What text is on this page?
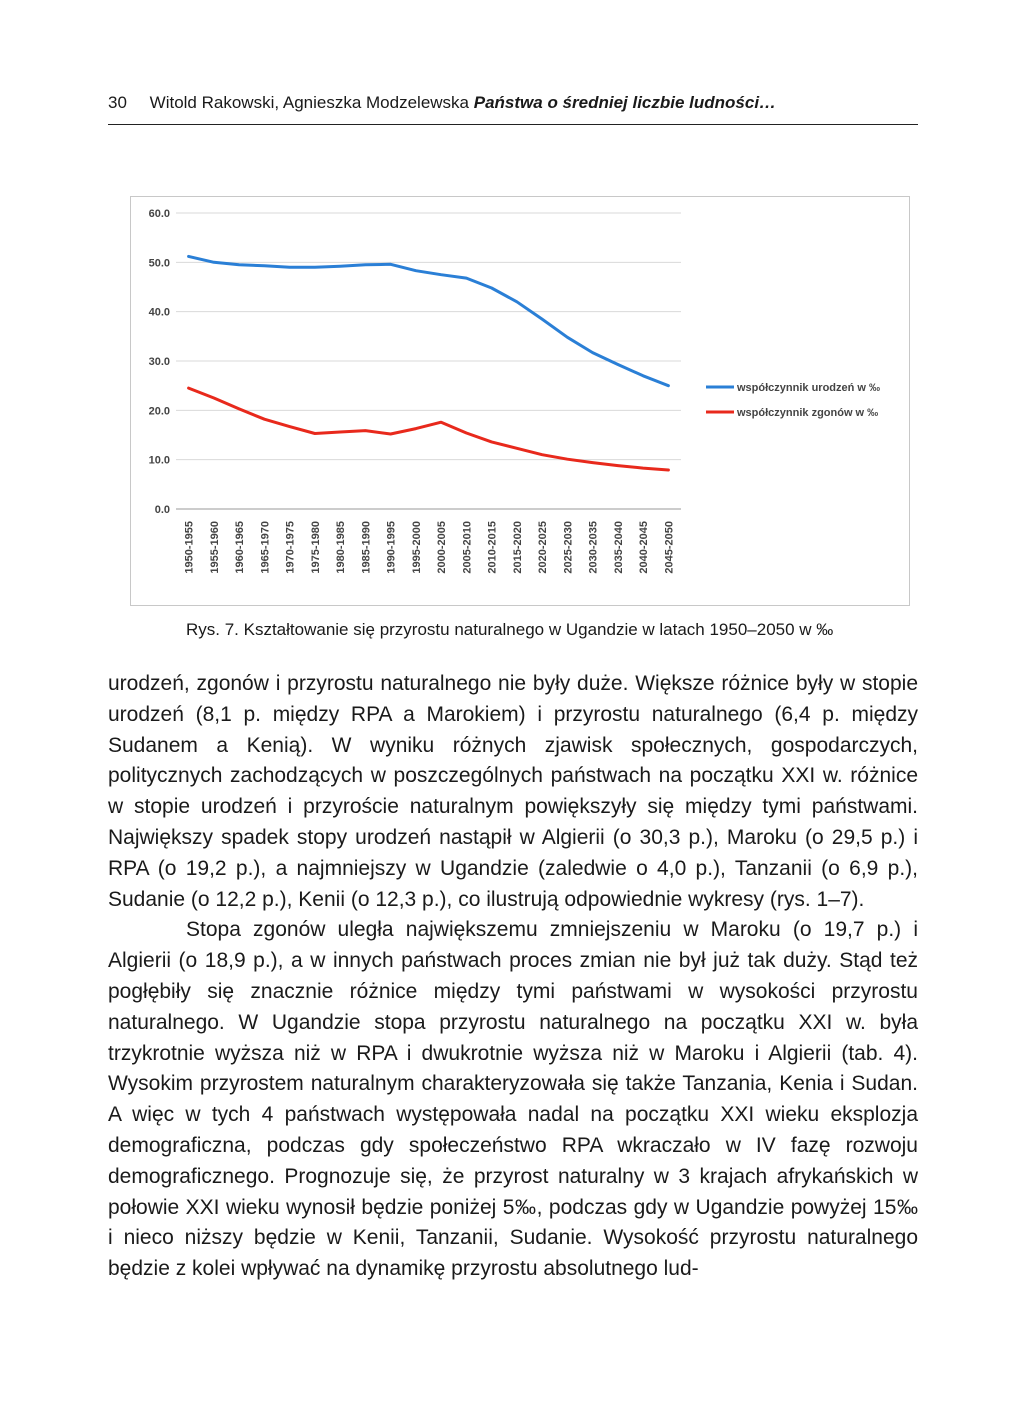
30 Witold Rakowski, Agnieszka Modzelewska Państwa o średniej liczbie ludności…
0.0
10.0
20.0
30.0
40.0
50.0
60.0
1950-1955 1955-1960 1960-1965 1965-1970 1970-1975 1975-1980 1980-1985 1985-1990 1990-1995 1995-2000 2000-2005 2005-2010 2010-2015 2015-2020 2020-2025 2025-2030 2030-2035 2035-2040 2040-2045 2045-2050
współczynnik urodzeń w ‰
współczynnik zgonów w ‰
Rys. 7. Kształtowanie się przyrostu naturalnego w Ugandzie w latach 1950–2050 w ‰

urodzeń, zgonów i przyrostu naturalnego nie były duże. Większe różnice były w stopie urodzeń (8,1 p. między RPA a Marokiem) i przyrostu naturalnego (6,4 p. między Sudanem a Kenią). W wyniku różnych zjawisk społecznych, gospodarczych, politycznych zachodzących w poszczególnych państwach na początku XXI w. różnice w stopie urodzeń i przyroście naturalnym powiększyły się między tymi państwami. Największy spadek stopy urodzeń nastąpił w Algierii (o 30,3 p.), Maroku (o 29,5 p.) i RPA (o 19,2 p.), a najmniejszy w Ugandzie (zaledwie o 4,0 p.), Tanzanii (o 6,9 p.), Sudanie (o 12,2 p.), Kenii (o 12,3 p.), co ilustrują odpowiednie wykresy (rys. 1–7).

Stopa zgonów uległa największemu zmniejszeniu w Maroku (o 19,7 p.) i Algierii (o 18,9 p.), a w innych państwach proces zmian nie był już tak duży. Stąd też pogłębiły się znacznie różnice między tymi państwami w wysokości przyrostu naturalnego. W Ugandzie stopa przyrostu naturalnego na początku XXI w. była trzykrotnie wyższa niż w RPA i dwukrotnie wyższa niż w Maroku i Algierii (tab. 4). Wysokim przyrostem naturalnym charakteryzowała się także Tanzania, Kenia i Sudan. A więc w tych 4 państwach występowała nadal na początku XXI wieku eksplozja demograficzna, podczas gdy społeczeństwo RPA wkraczało w IV fazę rozwoju demograficznego. Prognozuje się, że przyrost naturalny w 3 krajach afrykańskich w połowie XXI wieku wynosił będzie poniżej 5‰, podczas gdy w Ugandzie powyżej 15‰ i nieco niższy będzie w Kenii, Tanzanii, Sudanie. Wysokość przyrostu naturalnego będzie z kolei wpływać na dynamikę przyrostu absolutnego lud-
